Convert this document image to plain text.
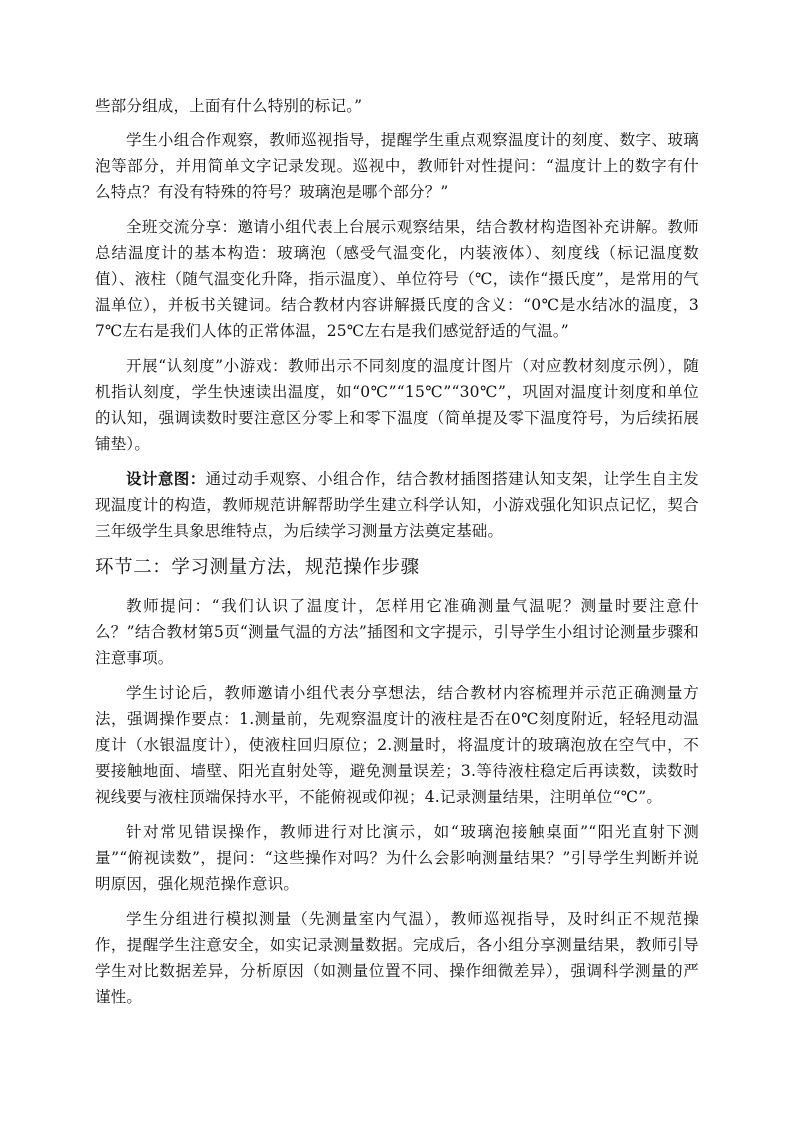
些部分组成，上面有什么特别的标记。”

学生小组合作观察，教师巡视指导，提醒学生重点观察温度计的刻度、数字、玻璃泡等部分，并用简单文字记录发现。巡视中，教师针对性提问：“温度计上的数字有什么特点？有没有特殊的符号？玻璃泡是哪个部分？”

全班交流分享：邀请小组代表上台展示观察结果，结合教材构造图补充讲解。教师总结温度计的基本构造：玻璃泡（感受气温变化，内装液体）、刻度线（标记温度数值）、液柱（随气温变化升降，指示温度）、单位符号（℃，读作“摄氏度”，是常用的气温单位），并板书关键词。结合教材内容讲解摄氏度的含义：“0℃是水结冰的温度，37℃左右是我们人体的正常体温，25℃左右是我们感觉舒适的气温。”

开展“认刻度”小游戏：教师出示不同刻度的温度计图片（对应教材刻度示例），随机指认刻度，学生快速读出温度，如“0℃”“15℃”“30℃”，巩固对温度计刻度和单位的认知，强调读数时要注意区分零上和零下温度（简单提及零下温度符号，为后续拓展铺垫）。

设计意图：通过动手观察、小组合作，结合教材插图搭建认知支架，让学生自主发现温度计的构造，教师规范讲解帮助学生建立科学认知，小游戏强化知识点记忆，契合三年级学生具象思维特点，为后续学习测量方法奠定基础。

环节二：学习测量方法，规范操作步骤

教师提问：“我们认识了温度计，怎样用它准确测量气温呢？测量时要注意什么？”结合教材第5页“测量气温的方法”插图和文字提示，引导学生小组讨论测量步骤和注意事项。

学生讨论后，教师邀请小组代表分享想法，结合教材内容梳理并示范正确测量方法，强调操作要点：1.测量前，先观察温度计的液柱是否在0℃刻度附近，轻轻甩动温度计（水银温度计），使液柱回归原位；2.测量时，将温度计的玻璃泡放在空气中，不要接触地面、墙壁、阳光直射处等，避免测量误差；3.等待液柱稳定后再读数，读数时视线要与液柱顶端保持水平，不能俯视或仰视；4.记录测量结果，注明单位“℃”。

针对常见错误操作，教师进行对比演示，如“玻璃泡接触桌面”“阳光直射下测量”“俯视读数”，提问：“这些操作对吗？为什么会影响测量结果？”引导学生判断并说明原因，强化规范操作意识。

学生分组进行模拟测量（先测量室内气温），教师巡视指导，及时纠正不规范操作，提醒学生注意安全，如实记录测量数据。完成后，各小组分享测量结果，教师引导学生对比数据差异，分析原因（如测量位置不同、操作细微差异），强调科学测量的严谨性。
